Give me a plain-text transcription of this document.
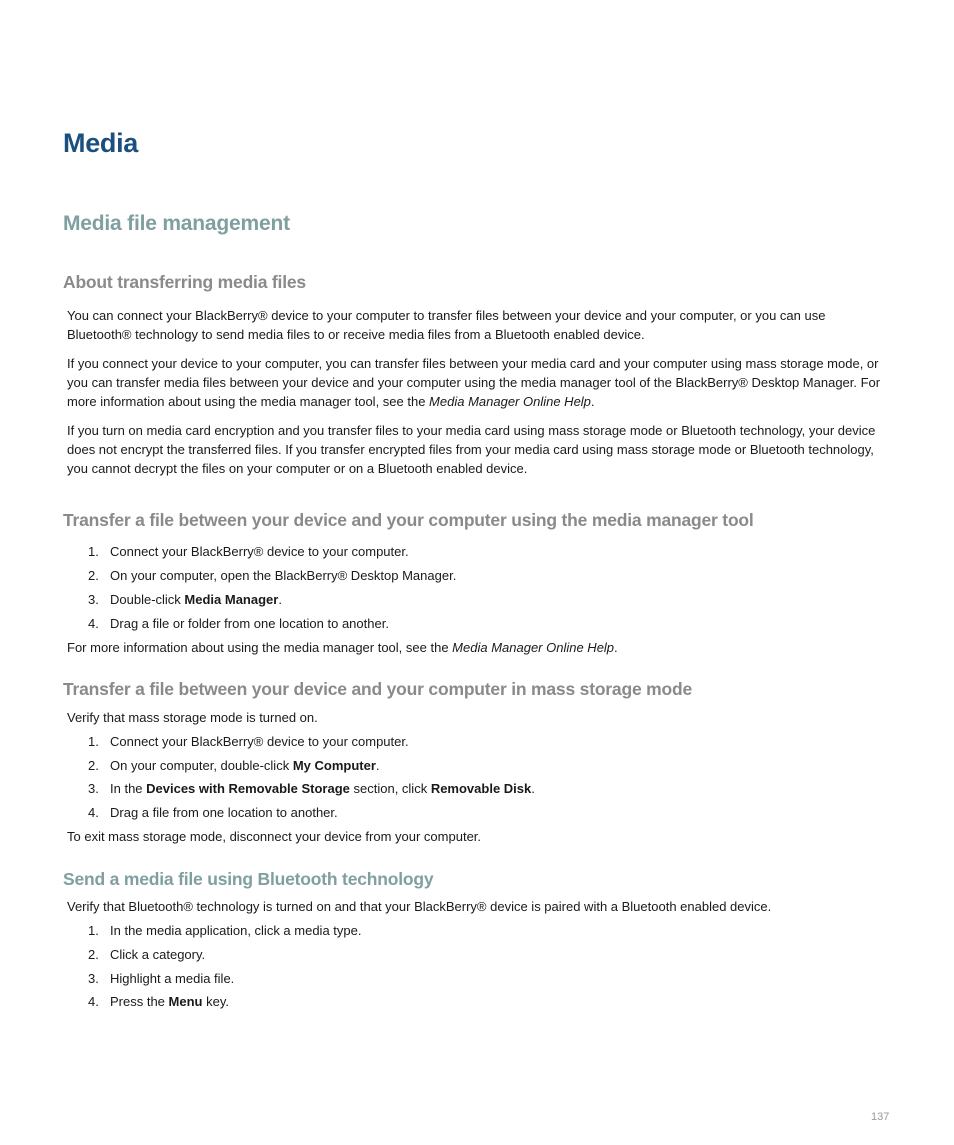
Media
Media file management
About transferring media files
You can connect your BlackBerry® device to your computer to transfer files between your device and your computer, or you can use Bluetooth® technology to send media files to or receive media files from a Bluetooth enabled device.
If you connect your device to your computer, you can transfer files between your media card and your computer using mass storage mode, or you can transfer media files between your device and your computer using the media manager tool of the BlackBerry® Desktop Manager. For more information about using the media manager tool, see the Media Manager Online Help.
If you turn on media card encryption and you transfer files to your media card using mass storage mode or Bluetooth technology, your device does not encrypt the transferred files. If you transfer encrypted files from your media card using mass storage mode or Bluetooth technology, you cannot decrypt the files on your computer or on a Bluetooth enabled device.
Transfer a file between your device and your computer using the media manager tool
1. Connect your BlackBerry® device to your computer.
2. On your computer, open the BlackBerry® Desktop Manager.
3. Double-click Media Manager.
4. Drag a file or folder from one location to another.
For more information about using the media manager tool, see the Media Manager Online Help.
Transfer a file between your device and your computer in mass storage mode
Verify that mass storage mode is turned on.
1. Connect your BlackBerry® device to your computer.
2. On your computer, double-click My Computer.
3. In the Devices with Removable Storage section, click Removable Disk.
4. Drag a file from one location to another.
To exit mass storage mode, disconnect your device from your computer.
Send a media file using Bluetooth technology
Verify that Bluetooth® technology is turned on and that your BlackBerry® device is paired with a Bluetooth enabled device.
1. In the media application, click a media type.
2. Click a category.
3. Highlight a media file.
4. Press the Menu key.
137
